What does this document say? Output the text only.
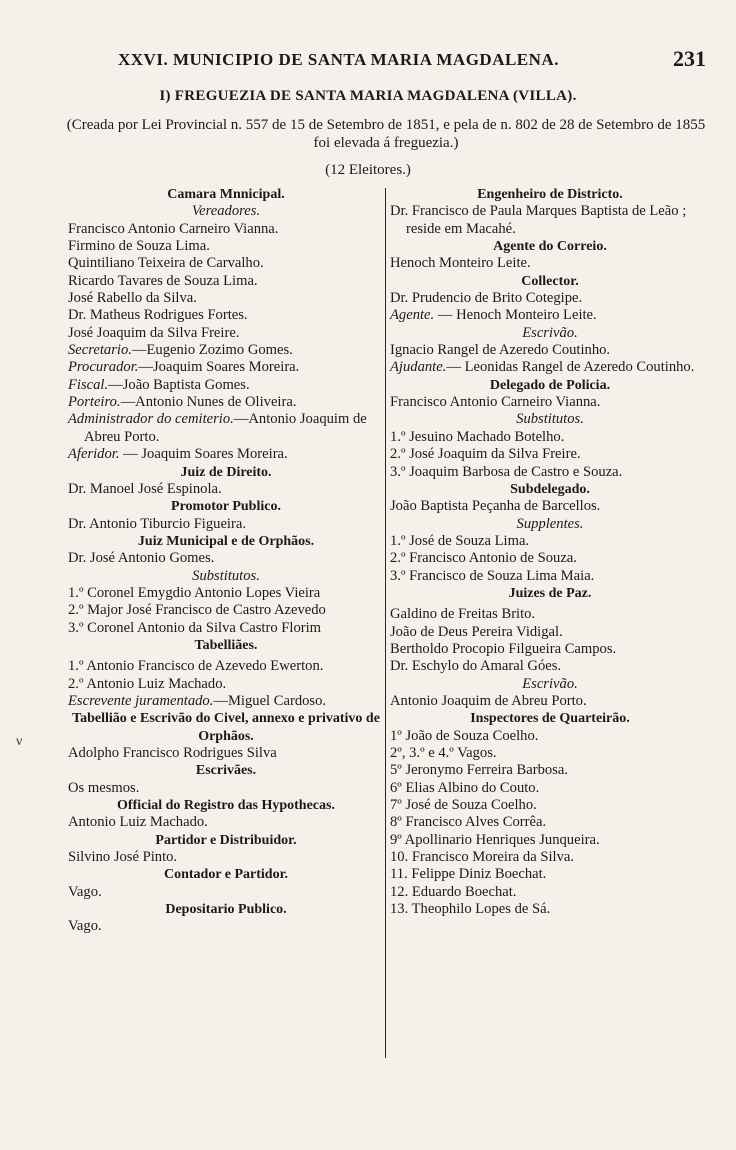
XXVI. MUNICIPIO DE SANTA MARIA MAGDALENA.	231
I) FREGUEZIA DE SANTA MARIA MAGDALENA (VILLA).
(Creada por Lei Provincial n. 557 de 15 de Setembro de 1851, e pela de n. 802 de 28 de Setembro de 1855 foi elevada á freguezia.)
(12 Eleitores.)
ν
Camara Mnnicipal.
Vereadores.
Francisco Antonio Carneiro Vianna.
Firmino de Souza Lima.
Quintiliano Teixeira de Carvalho.
Ricardo Tavares de Souza Lima.
José Rabello da Silva.
Dr. Matheus Rodrigues Fortes.
José Joaquim da Silva Freire.
Secretario.—Eugenio Zozimo Gomes.
Procurador.—Joaquim Soares Moreira.
Fiscal.—João Baptista Gomes.
Porteiro.—Antonio Nunes de Oliveira.
Administrador do cemiterio.—Antonio Joaquim de Abreu Porto.
Aferidor. — Joaquim Soares Moreira.
Juiz de Direito.
Dr. Manoel José Espinola.
Promotor Publico.
Dr. Antonio Tiburcio Figueira.
Juiz Municipal e de Orphãos.
Dr. José Antonio Gomes.
Substitutos.
1.º Coronel Emygdio Antonio Lopes Vieira
2.º Major José Francisco de Castro Azevedo
3.º Coronel Antonio da Silva Castro Florim
Tabelliães.
1.º Antonio Francisco de Azevedo Ewerton.
2.º Antonio Luiz Machado.
Escrevente juramentado.—Miguel Cardoso.
Tabellião e Escrivão do Civel, annexo e privativo de Orphãos.
Adolpho Francisco Rodrigues Silva
Escrivães.
Os mesmos.
Official do Registro das Hypothecas.
Antonio Luiz Machado.
Partidor e Distribuidor.
Silvino José Pinto.
Contador e Partidor.
Vago.
Depositario Publico.
Vago.
Engenheiro de Districto.
Dr. Francisco de Paula Marques Baptista de Leão ; reside em Macahé.
Agente do Correio.
Henoch Monteiro Leite.
Collector.
Dr. Prudencio de Brito Cotegipe.
Agente. — Henoch Monteiro Leite.
Escrivão.
Ignacio Rangel de Azeredo Coutinho.
Ajudante.— Leonidas Rangel de Azeredo Coutinho.
Delegado de Policia.
Francisco Antonio Carneiro Vianna.
Substitutos.
1.º Jesuino Machado Botelho.
2.º José Joaquim da Silva Freire.
3.º Joaquim Barbosa de Castro e Souza.
Subdelegado.
João Baptista Peçanha de Barcellos.
Supplentes.
1.º José de Souza Lima.
2.º Francisco Antonio de Souza.
3.º Francisco de Souza Lima Maia.
Juizes de Paz.
Galdino de Freitas Brito.
João de Deus Pereira Vidigal.
Bertholdo Procopio Filgueira Campos.
Dr. Eschylo do Amaral Góes.
Escrivão.
Antonio Joaquim de Abreu Porto.
Inspectores de Quarteirão.
1º João de Souza Coelho.
2º, 3.º e 4.º Vagos.
5º Jeronymo Ferreira Barbosa.
6º Elias Albino do Couto.
7º José de Souza Coelho.
8º Francisco Alves Corrêa.
9º Apollinario Henriques Junqueira.
10. Francisco Moreira da Silva.
11. Felippe Diniz Boechat.
12. Eduardo Boechat.
13. Theophilo Lopes de Sá.
